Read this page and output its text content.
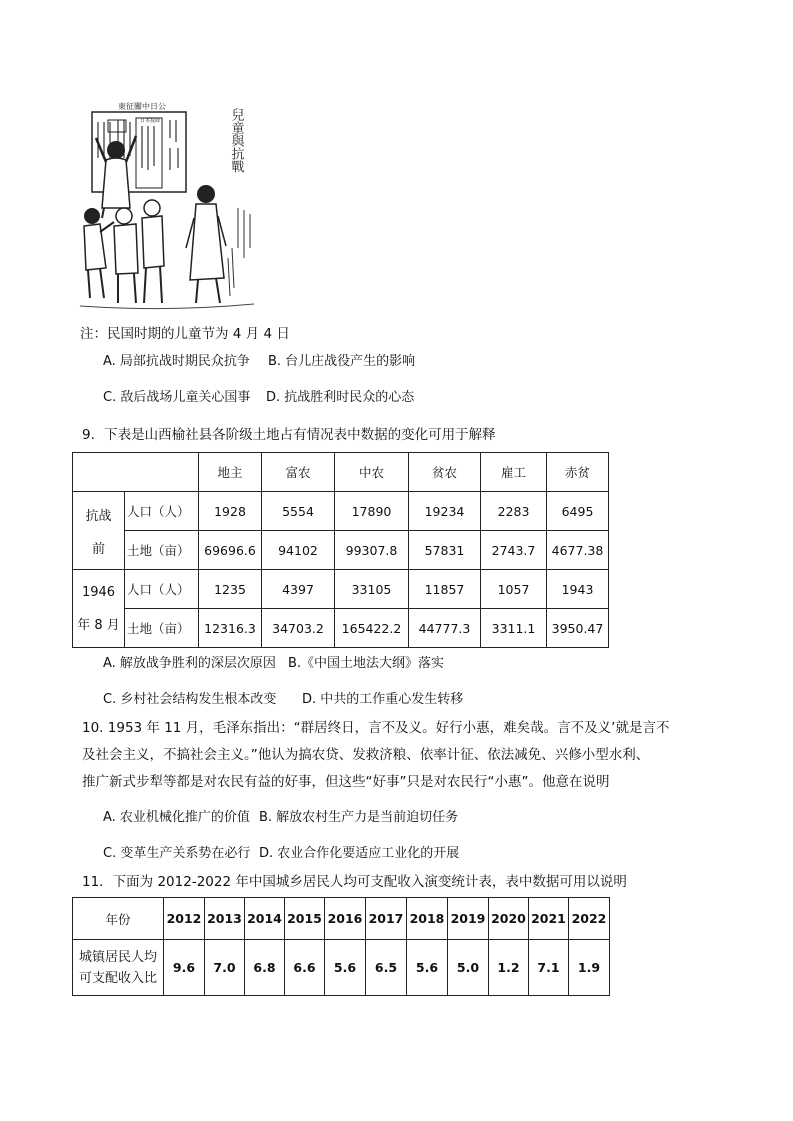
東征關中日公
日本投降	兒童與抗戰
注：民国时期的儿童节为 4 月 4 日
A. 局部抗战时期民众抗争 B. 台儿庄战役产生的影响
C. 敌后战场儿童关心国事 D. 抗战胜利时民众的心态
9．下表是山西榆社县各阶级土地占有情况表中数据的变化可用于解释
		地主	富农	中农	贫农	雇工	赤贫

抗战
前	人口（人）	1928	5554	17890	19234	2283	6495
	土地（亩）	69696.6	94102	99307.8	57831	2743.7	4677.38

1946
年 8 月	人口（人）	1235	4397	33105	11857	1057	1943
	土地（亩）	12316.3	34703.2	165422.2	44777.3	3311.1	3950.47
A. 解放战争胜利的深层次原因 B.《中国土地法大纲》落实
C. 乡村社会结构发生根本改变 D. 中共的工作重心发生转移
10. 1953 年 11 月，毛泽东指出：“群居终日，言不及义。好行小惠，难矣哉。言不及义’就是言不
及社会主义，不搞社会主义。”他认为搞农贷、发救济粮、依率计征、依法减免、兴修小型水利、
推广新式步犁等都是对农民有益的好事，但这些“好事”只是对农民行“小惠”。他意在说明
A. 农业机械化推广的价值 B. 解放农村生产力是当前迫切任务
C. 变革生产关系势在必行 D. 农业合作化要适应工业化的开展
11．下面为 2012-2022 年中国城乡居民人均可支配收入演变统计表，表中数据可用以说明
年份	2012	2013	2014	2015	2016	2017	2018	2019	2020	2021	2022

城镇居民人均
可支配收入比	9.6	7.0	6.8	6.6	5.6	6.5	5.6	5.0	1.2	7.1	1.9
